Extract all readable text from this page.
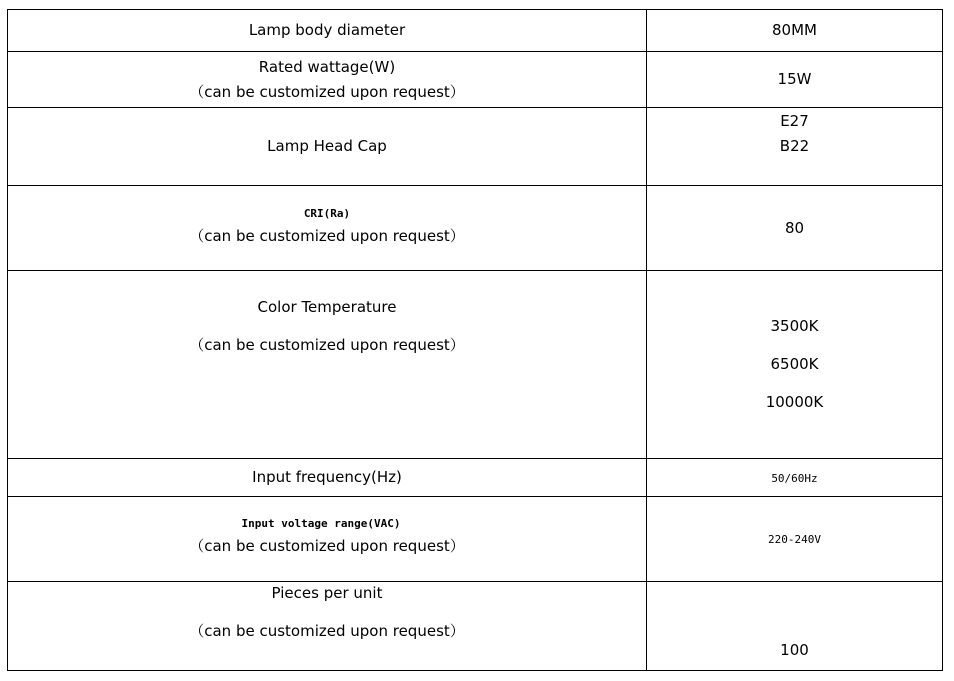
Lamp body diameter	80MM

Rated wattage(W)
（can be customized upon request）	15W
Lamp Head Cap	E27
B22

CRI(Ra)
（can be customized upon request）	80

Color Temperature
（can be customized upon request）	3500K
6500K
10000K

Input frequency(Hz)	50/60Hz

Input voltage range(VAC)
（can be customized upon request）	220-240V

Pieces per unit
（can be customized upon request）	100
